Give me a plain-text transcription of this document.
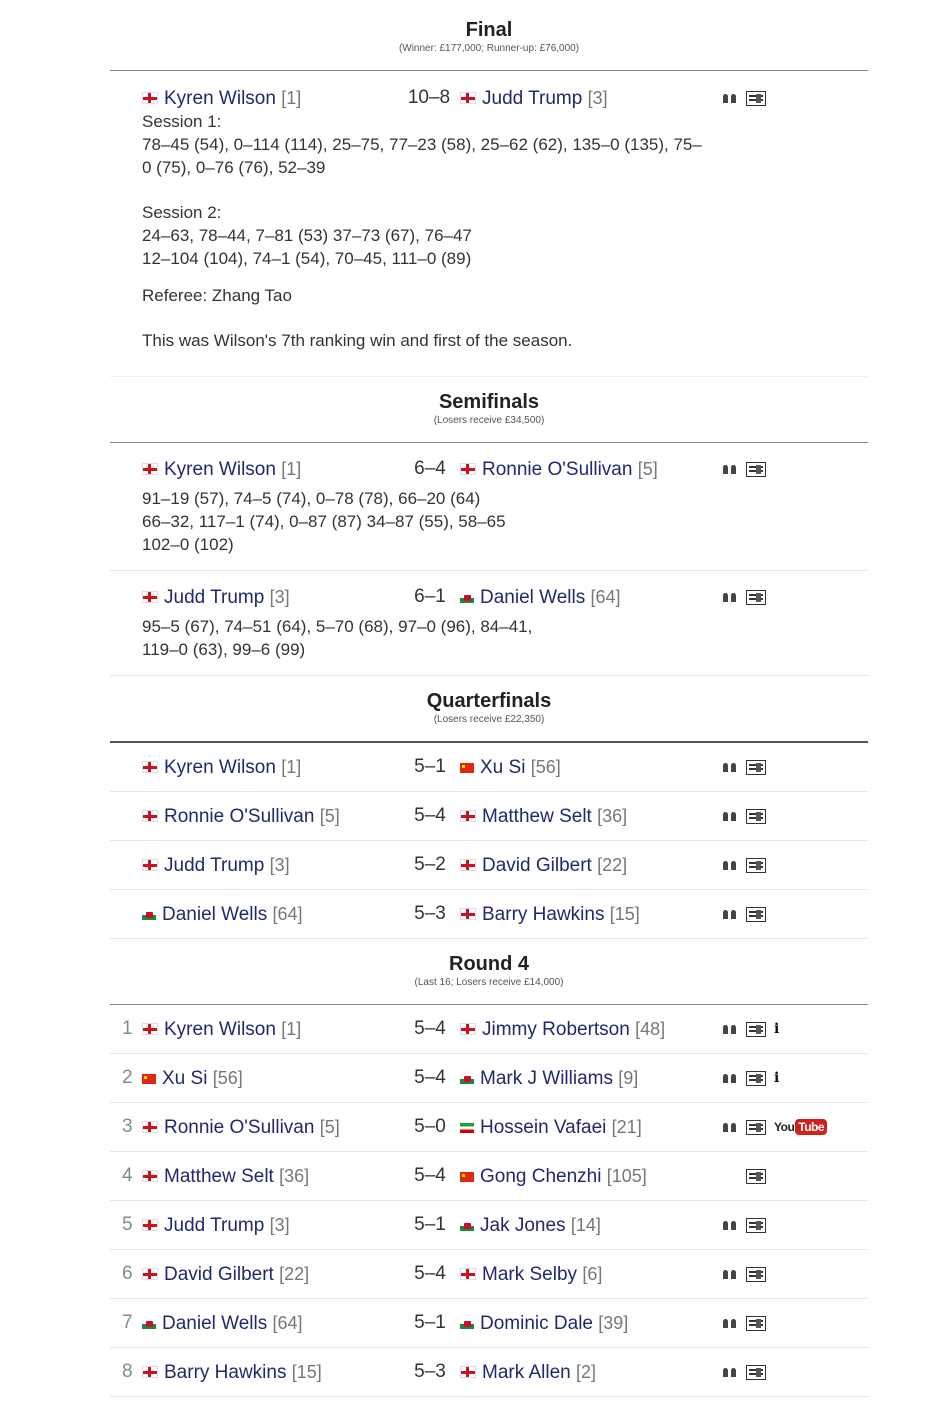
Final
(Winner: £177,000; Runner-up: £76,000)
Kyren Wilson [1]	10–8	Judd Trump [3]
Session 1:
78–45 (54), 0–114 (114), 25–75, 77–23 (58), 25–62 (62), 135–0 (135), 75–
0 (75), 0–76 (76), 52–39
Session 2:
24–63, 78–44, 7–81 (53) 37–73 (67), 76–47
12–104 (104), 74–1 (54), 70–45, 111–0 (89)
Referee: Zhang Tao
This was Wilson's 7th ranking win and first of the season.
Semifinals
(Losers receive £34,500)
Kyren Wilson [1]	6–4	Ronnie O'Sullivan [5]
91–19 (57), 74–5 (74), 0–78 (78), 66–20 (64)
66–32, 117–1 (74), 0–87 (87) 34–87 (55), 58–65
102–0 (102)
Judd Trump [3]	6–1	Daniel Wells [64]
95–5 (67), 74–51 (64), 5–70 (68), 97–0 (96), 84–41,
119–0 (63), 99–6 (99)
Quarterfinals
(Losers receive £22,350)
Kyren Wilson [1]	5–1	Xu Si [56]
Ronnie O'Sullivan [5]	5–4	Matthew Selt [36]
Judd Trump [3]	5–2	David Gilbert [22]
Daniel Wells [64]	5–3	Barry Hawkins [15]
Round 4
(Last 16; Losers receive £14,000)
1	Kyren Wilson [1]	5–4	Jimmy Robertson [48]	i
2	Xu Si [56]	5–4	Mark J Williams [9]	i
3	Ronnie O'Sullivan [5]	5–0	Hossein Vafaei [21]	You Tube
4	Matthew Selt [36]	5–4	Gong Chenzhi [105]
5	Judd Trump [3]	5–1	Jak Jones [14]
6	David Gilbert [22]	5–4	Mark Selby [6]
7	Daniel Wells [64]	5–1	Dominic Dale [39]
8	Barry Hawkins [15]	5–3	Mark Allen [2]
